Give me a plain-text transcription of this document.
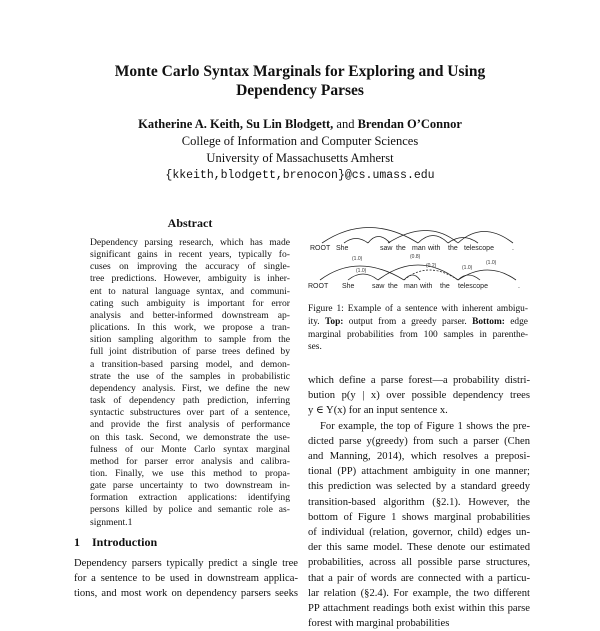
Monte Carlo Syntax Marginals for Exploring and Using
Dependency Parses
Katherine A. Keith, Su Lin Blodgett, and Brendan O’Connor
College of Information and Computer Sciences
University of Massachusetts Amherst
{kkeith,blodgett,brenocon}@cs.umass.edu
Abstract
Dependency parsing research, which has made
significant gains in recent years, typically fo-
cuses on improving the accuracy of single-
tree predictions. However, ambiguity is inher-
ent to natural language syntax, and communi-
cating such ambiguity is important for error
analysis and better-informed downstream ap-
plications. In this work, we propose a tran-
sition sampling algorithm to sample from the
full joint distribution of parse trees defined by
a transition-based parsing model, and demon-
strate the use of the samples in probabilistic
dependency analysis. First, we define the new
task of dependency path prediction, inferring
syntactic substructures over part of a sentence,
and provide the first analysis of performance
on this task. Second, we demonstrate the use-
fulness of our Monte Carlo syntax marginal
method for parser error analysis and calibra-
tion. Finally, we use this method to propa-
gate parse uncertainty to two downstream in-
formation extraction applications: identifying
persons killed by police and semantic role as-
signment.1
1 Introduction
Dependency parsers typically predict a single tree
for a sentence to be used in downstream applica-
tions, and most work on dependency parsers seeks
ROOT She	saw the man with the telescope	.
(1.0)
(1.0)
(0.8)
(0.2)	(1.0)
(1.0)
ROOT She	saw the man with the telescope	.
Figure 1: Example of a sentence with inherent ambigu-
ity. Top: output from a greedy parser. Bottom: edge
marginal probabilities from 100 samples in parenthe-
ses.
which define a parse forest—a probability distri-
bution p(y | x) over possible dependency trees
y ∈ Y(x) for an input sentence x.
For example, the top of Figure 1 shows the pre-
dicted parse y(greedy) from such a parser (Chen
and Manning, 2014), which resolves a preposi-
tional (PP) attachment ambiguity in one manner;
this prediction was selected by a standard greedy
transition-based algorithm (§2.1). However, the
bottom of Figure 1 shows marginal probabilities
of individual (relation, governor, child) edges un-
der this same model. These denote our estimated
probabilities, across all possible parse structures,
that a pair of words are connected with a particu-
lar relation (§2.4). For example, the two different
PP attachment readings both exist within this parse
forest with marginal probabilities
